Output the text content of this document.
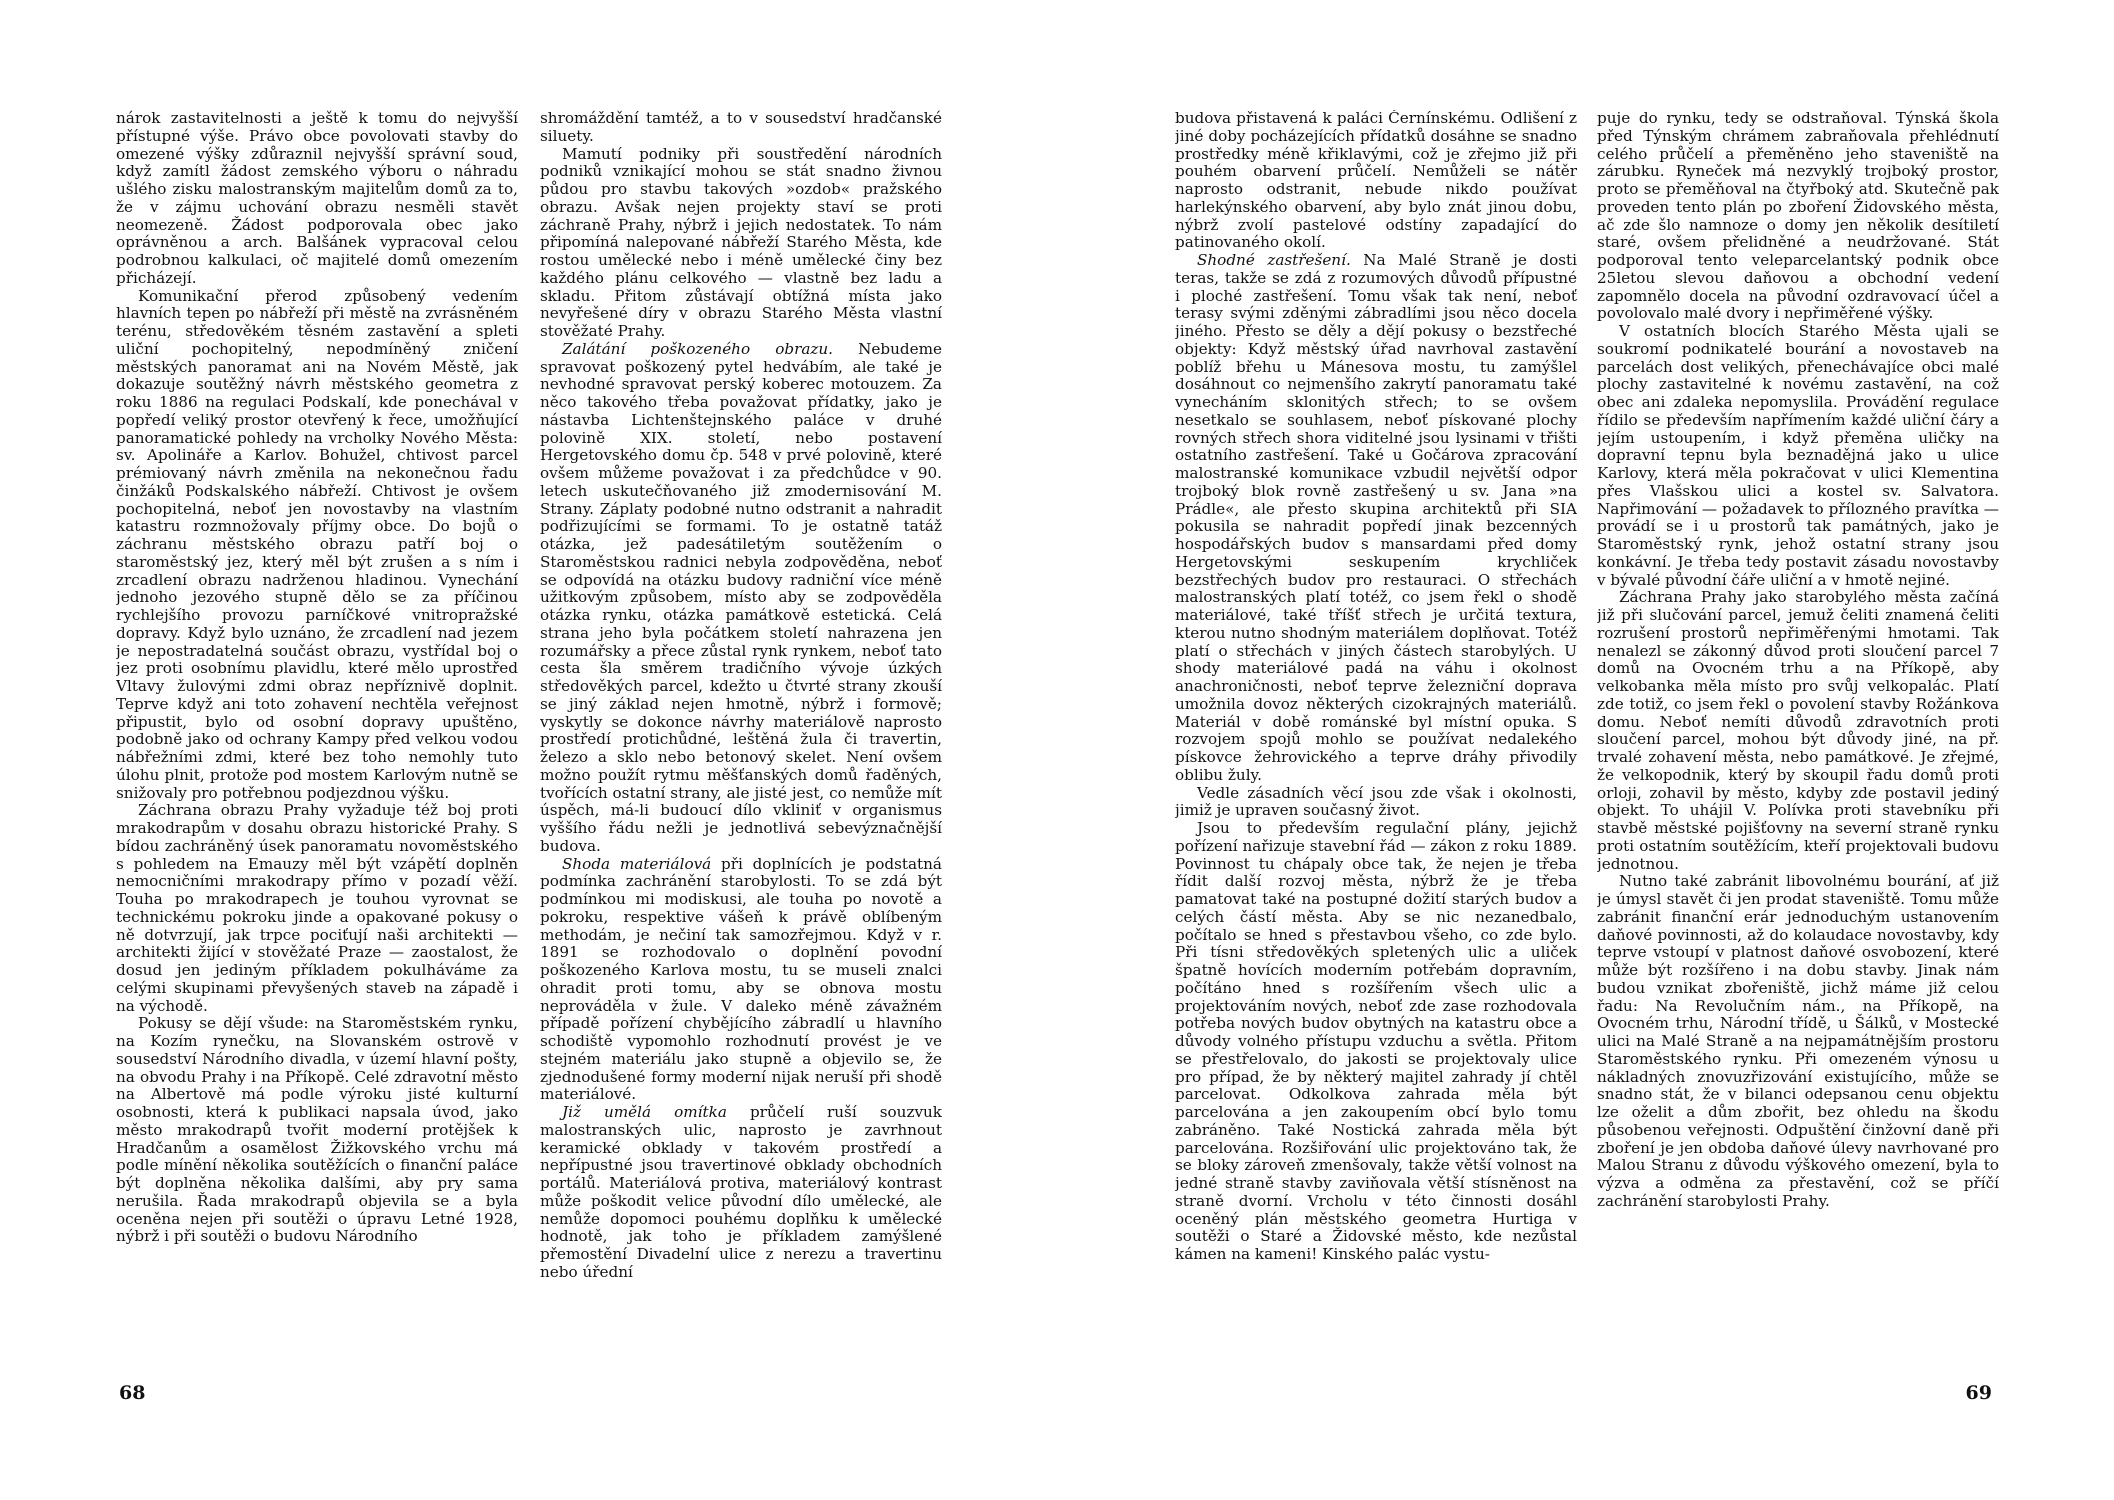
nárok zastavitelnosti a ještě k tomu do nejvyšší přístupné výše. Právo obce povolovati stavby do omezené výšky zdůraznil nejvyšší správní soud, když zamítl žádost zemského výboru o náhradu ušlého zisku malostranským majitelům domů za to, že v zájmu uchování obrazu nesměli stavět neomezeně. Žádost podporovala obec jako oprávněnou a arch. Balšánek vypracoval celou podrobnou kalkulaci, oč majitelé domů omezením přicházejí.

Komunikační přerod způsobený vedením hlavních tepen po nábřeží při městě na zvrásněném terénu, středověkém těsném zastavění a spleti uliční pochopitelný, nepodmíněný zničení městských panoramat ani na Novém Městě, jak dokazuje soutěžný návrh městského geometra z roku 1886 na regulaci Podskalí, kde ponechával v popředí veliký prostor otevřený k řece, umožňující panoramatické pohledy na vrcholky Nového Města: sv. Apolináře a Karlov. Bohužel, chtivost parcel prémiovaný návrh změnila na nekonečnou řadu činžáků Podskalského nábřeží. Chtivost je ovšem pochopitelná, neboť jen novostavby na vlastním katastru rozmnožovaly příjmy obce. Do bojů o záchranu městského obrazu patří boj o staroměstský jez, který měl být zrušen a s ním i zrcadlení obrazu nadrženou hladinou. Vynechání jednoho jezového stupně dělo se za příčinou rychlejšího provozu parníčkové vnitropražské dopravy. Když bylo uznáno, že zrcadlení nad jezem je nepostradatelná součást obrazu, vystřídal boj o jez proti osobnímu plavidlu, které mělo uprostřed Vltavy žulovými zdmi obraz nepříznivě doplnit. Teprve když ani toto zohavení nechtěla veřejnost připustit, bylo od osobní dopravy upuštěno, podobně jako od ochrany Kampy před velkou vodou nábřežními zdmi, které bez toho nemohly tuto úlohu plnit, protože pod mostem Karlovým nutně se snižovaly pro potřebnou podjezdnou výšku.

Záchrana obrazu Prahy vyžaduje též boj proti mrakodrapům v dosahu obrazu historické Prahy. S bídou zachráněný úsek panoramatu novoměstského s pohledem na Emauzy měl být vzápětí doplněn nemocničními mrakodrapy přímo v pozadí věží. Touha po mrakodrapech je touhou vyrovnat se technickému pokroku jinde a opakované pokusy o ně dotvrzují, jak trpce pociťují naši architekti — architekti žijící v stověžaté Praze — zaostalost, že dosud jen jediným příkladem pokulháváme za celými skupinami převyšených staveb na západě i na východě.

Pokusy se dějí všude: na Staroměstském rynku, na Kozím rynečku, na Slovanském ostrově v sousedství Národního divadla, v území hlavní pošty, na obvodu Prahy i na Příkopě. Celé zdravotní město na Albertově má podle výroku jisté kulturní osobnosti, která k publikaci napsala úvod, jako město mrakodrapů tvořit moderní protějšek k Hradčanům a osamělost Žižkovského vrchu má podle mínění několika soutěžících o finanční paláce být doplněna několika dalšími, aby pry sama nerušila. Řada mrakodrapů objevila se a byla oceněna nejen při soutěži o úpravu Letné 1928, nýbrž i při soutěži o budovu Národního

shromáždění tamtéž, a to v sousedství hradčanské siluety.

Mamutí podniky při soustředění národních podniků vznikající mohou se stát snadno živnou půdou pro stavbu takových »ozdob« pražského obrazu. Avšak nejen projekty staví se proti záchraně Prahy, nýbrž i jejich nedostatek. To nám připomíná nalepované nábřeží Starého Města, kde rostou umělecké nebo i méně umělecké činy bez každého plánu celkového — vlastně bez ladu a skladu. Přitom zůstávají obtížná místa jako nevyřešené díry v obrazu Starého Města vlastní stověžaté Prahy.

Zalátání poškozeného obrazu. Nebudeme spravovat poškozený pytel hedvábím, ale také je nevhodné spravovat perský koberec motouzem. Za něco takového třeba považovat přídatky, jako je nástavba Lichtenštejnského paláce v druhé polovině XIX. století, nebo postavení Hergetovského domu čp. 548 v prvé polovině, které ovšem můžeme považovat i za předchůdce v 90. letech uskutečňovaného již zmodernisování M. Strany. Záplaty podobné nutno odstranit a nahradit podřizujícími se formami. To je ostatně tatáž otázka, jež padesátiletým soutěžením o Staroměstskou radnici nebyla zodpověděna, neboť se odpovídá na otázku budovy radniční více méně užitkovým způsobem, místo aby se zodpověděla otázka rynku, otázka památkově estetická. Celá strana jeho byla počátkem století nahrazena jen rozumářsky a přece zůstal rynk rynkem, neboť tato cesta šla směrem tradičního vývoje úzkých středověkých parcel, kdežto u čtvrté strany zkouší se jiný základ nejen hmotně, nýbrž i formově; vyskytly se dokonce návrhy materiálově naprosto prostředí protichůdné, leštěná žula či travertin, železo a sklo nebo betonový skelet. Není ovšem možno použít rytmu měšťanských domů řaděných, tvořících ostatní strany, ale jisté jest, co nemůže mít úspěch, má-li budoucí dílo vkliniť v organismus vyššího řádu nežli je jednotlivá sebevýznačnější budova.

Shoda materiálová při doplnících je podstatná podmínka zachránění starobylosti. To se zdá být podmínkou mi modiskusi, ale touha po novotě a pokroku, respektive vášeň k právě oblíbeným methodám, je nečiní tak samozřejmou. Když v r. 1891 se rozhodovalo o doplnění povodní poškozeného Karlova mostu, tu se museli znalci ohradit proti tomu, aby se obnova mostu neprováděla v žule. V daleko méně závažném případě pořízení chybějícího zábradlí u hlavního schodiště vypomohlo rozhodnutí provést je ve stejném materiálu jako stupně a objevilo se, že zjednodušené formy moderní nijak neruší při shodě materiálové.

Již umělá omítka průčelí ruší souzvuk malostranských ulic, naprosto je zavrhnout keramické obklady v takovém prostředí a nepřípustné jsou travertinové obklady obchodních portálů. Materiálová protiva, materiálový kontrast může poškodit velice původní dílo umělecké, ale nemůže dopomoci pouhému doplňku k umělecké hodnotě, jak toho je příkladem zamýšlené přemostění Divadelní ulice z nerezu a travertinu nebo úřední

68

budova přistavená k paláci Černínskému. Odlišení z jiné doby pocházejících přídatků dosáhne se snadno prostředky méně křiklavými, což je zřejmo již při pouhém obarvení průčelí. Nemůželi se nátěr naprosto odstranit, nebude nikdo používat harlekýnského obarvení, aby bylo znát jinou dobu, nýbrž zvolí pastelové odstíny zapadající do patinovaného okolí.

Shodné zastřešení. Na Malé Straně je dosti teras, takže se zdá z rozumových důvodů přípustné i ploché zastřešení. Tomu však tak není, neboť terasy svými zděnými zábradlími jsou něco docela jiného. Přesto se děly a dějí pokusy o bezstřeché objekty: Když městský úřad navrhoval zastavění poblíž břehu u Mánesova mostu, tu zamýšlel dosáhnout co nejmenšího zakrytí panoramatu také vynecháním sklonitých střech; to se ovšem nesetkalo se souhlasem, neboť pískované plochy rovných střech shora viditelné jsou lysinami v třišti ostatního zastřešení. Také u Gočárova zpracování malostranské komunikace vzbudil největší odpor trojboký blok rovně zastřešený u sv. Jana »na Prádle«, ale přesto skupina architektů při SIA pokusila se nahradit popředí jinak bezcenných hospodářských budov s mansardami před domy Hergetovskými seskupením krychliček bezstřechých budov pro restauraci. O střechách malostranských platí totéž, co jsem řekl o shodě materiálové, také tříšť střech je určitá textura, kterou nutno shodným materiálem doplňovat. Totéž platí o střechách v jiných částech starobylých. U shody materiálové padá na váhu i okolnost anachroničnosti, neboť teprve železniční doprava umožnila dovoz některých cizokrajných materiálů. Materiál v době románské byl místní opuka. S rozvojem spojů mohlo se používat nedalekého pískovce žehrovického a teprve dráhy přivodily oblibu žuly.

Vedle zásadních věcí jsou zde však i okolnosti, jimiž je upraven současný život.

Jsou to především regulační plány, jejichž pořízení nařizuje stavební řád — zákon z roku 1889. Povinnost tu chápaly obce tak, že nejen je třeba řídit další rozvoj města, nýbrž že je třeba pamatovat také na postupné dožití starých budov a celých částí města. Aby se nic nezanedbalo, počítalo se hned s přestavbou všeho, co zde bylo. Při tísni středověkých spletených ulic a uliček špatně hovících moderním potřebám dopravním, počítáno hned s rozšířením všech ulic a projektováním nových, neboť zde zase rozhodovala potřeba nových budov obytných na katastru obce a důvody volného přístupu vzduchu a světla. Přitom se přestřelovalo, do jakosti se projektovaly ulice pro případ, že by některý majitel zahrady jí chtěl parcelovat. Odkolkova zahrada měla být parcelována a jen zakoupením obcí bylo tomu zabráněno. Také Nostická zahrada měla být parcelována. Rozšiřování ulic projektováno tak, že se bloky zároveň zmenšovaly, takže větší volnost na jedné straně stavby zaviňovala větší stísněnost na straně dvorní. Vrcholu v této činnosti dosáhl oceněný plán městského geometra Hurtiga v soutěži o Staré a Židovské město, kde nezůstal kámen na kameni! Kinského palác vystu-

puje do rynku, tedy se odstraňoval. Týnská škola před Týnským chrámem zabraňovala přehlédnutí celého průčelí a přeměněno jeho staveniště na zárubku. Ryneček má nezvyklý trojboký prostor, proto se přeměňoval na čtyřboký atd. Skutečně pak proveden tento plán po zboření Židovského města, ač zde šlo namnoze o domy jen několik desítiletí staré, ovšem přelidněné a neudržované. Stát podporoval tento veleparcelantský podnik obce 25letou slevou daňovou a obchodní vedení zapomnělo docela na původní ozdravovací účel a povolovalo malé dvory i nepřiměřené výšky.

V ostatních blocích Starého Města ujali se soukromí podnikatelé bourání a novostaveb na parcelách dost velikých, přenechávajíce obci malé plochy zastavitelné k novému zastavění, na což obec ani zdaleka nepomyslila. Provádění regulace řídilo se především napřímením každé uliční čáry a jejím ustoupením, i když přeměna uličky na dopravní tepnu byla beznadějná jako u ulice Karlovy, která měla pokračovat v ulici Klementina přes Vlašskou ulici a kostel sv. Salvatora. Napřimování — požadavek to přílozného pravítka — provádí se i u prostorů tak památných, jako je Staroměstský rynk, jehož ostatní strany jsou konkávní. Je třeba tedy postavit zásadu novostavby v bývalé původní čáře uliční a v hmotě nejiné.

Záchrana Prahy jako starobylého města začíná již při slučování parcel, jemuž čeliti znamená čeliti rozrušení prostorů nepřiměřenými hmotami. Tak nenalezl se zákonný důvod proti sloučení parcel 7 domů na Ovocném trhu a na Příkopě, aby velkobanka měla místo pro svůj velkopalác. Platí zde totiž, co jsem řekl o povolení stavby Rožánkova domu. Neboť nemíti důvodů zdravotních proti sloučení parcel, mohou být důvody jiné, na př. trvalé zohavení města, nebo památkové. Je zřejmé, že velkopodnik, který by skoupil řadu domů proti orloji, zohavil by město, kdyby zde postavil jediný objekt. To uhájil V. Polívka proti stavebníku při stavbě městské pojišťovny na severní straně rynku proti ostatním soutěžícím, kteří projektovali budovu jednotnou.

Nutno také zabránit libovolnému bourání, ať již je úmysl stavět či jen prodat staveniště. Tomu může zabránit finanční erár jednoduchým ustanovením daňové povinnosti, až do kolaudace novostavby, kdy teprve vstoupí v platnost daňové osvobození, které může být rozšířeno i na dobu stavby. Jinak nám budou vznikat zbořeniště, jichž máme již celou řadu: Na Revolučním nám., na Příkopě, na Ovocném trhu, Národní třídě, u Šálků, v Mostecké ulici na Malé Straně a na nejpamátnějším prostoru Staroměstského rynku. Při omezeném výnosu u nákladných znovuzřizování existujícího, může se snadno stát, že v bilanci odepsanou cenu objektu lze oželit a dům zbořit, bez ohledu na škodu působenou veřejnosti. Odpuštění činžovní daně při zboření je jen obdoba daňové úlevy navrhované pro Malou Stranu z důvodu výškového omezení, byla to výzva a odměna za přestavění, což se příčí zachránění starobylosti Prahy.

69
